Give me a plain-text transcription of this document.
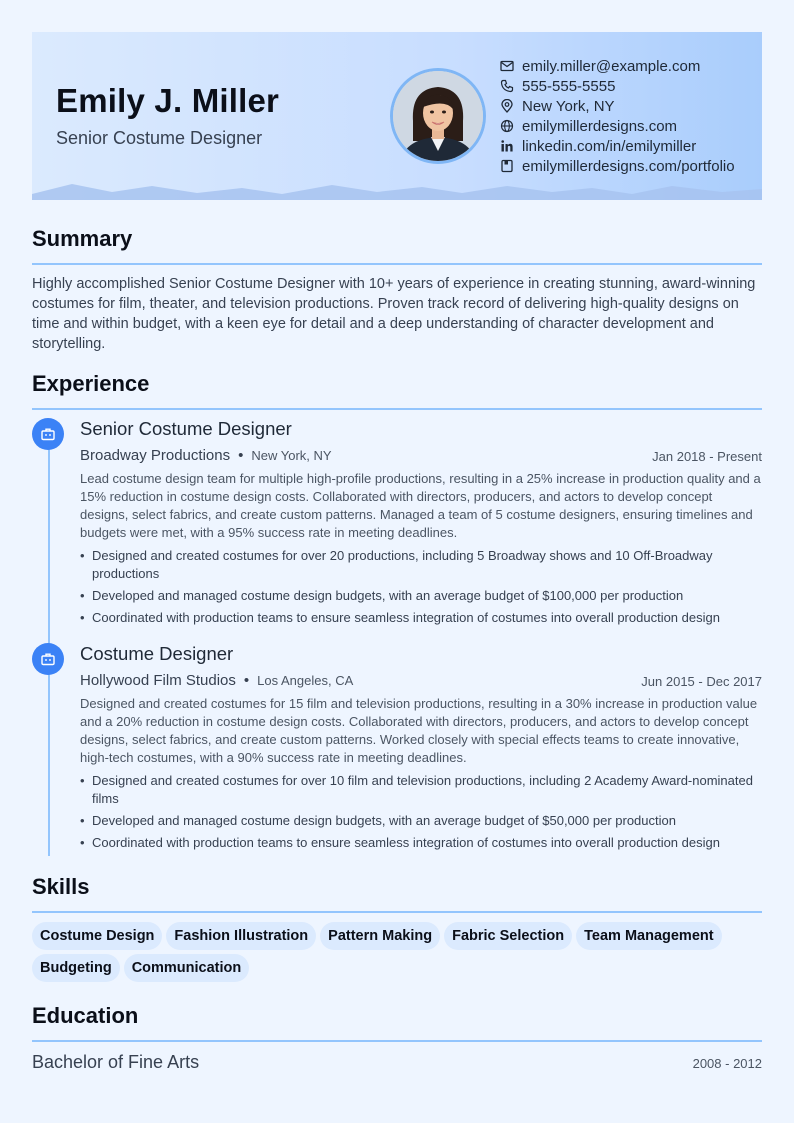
Emily J. Miller
Senior Costume Designer
emily.miller@example.com
555-555-5555
New York, NY
emilymillerdesigns.com
linkedin.com/in/emilymiller
emilymillerdesigns.com/portfolio
Summary
Highly accomplished Senior Costume Designer with 10+ years of experience in creating stunning, award-winning costumes for film, theater, and television productions. Proven track record of delivering high-quality designs on time and within budget, with a keen eye for detail and a deep understanding of character development and storytelling.
Experience
Senior Costume Designer
Broadway Productions • New York, NY	Jan 2018 - Present
Lead costume design team for multiple high-profile productions, resulting in a 25% increase in production quality and a 15% reduction in costume design costs. Collaborated with directors, producers, and actors to develop concept designs, select fabrics, and create custom patterns. Managed a team of 5 costume designers, ensuring timelines and budgets were met, with a 95% success rate in meeting deadlines.
• Designed and created costumes for over 20 productions, including 5 Broadway shows and 10 Off-Broadway productions
• Developed and managed costume design budgets, with an average budget of $100,000 per production
• Coordinated with production teams to ensure seamless integration of costumes into overall production design
Costume Designer
Hollywood Film Studios • Los Angeles, CA	Jun 2015 - Dec 2017
Designed and created costumes for 15 film and television productions, resulting in a 30% increase in production value and a 20% reduction in costume design costs. Collaborated with directors, producers, and actors to develop concept designs, select fabrics, and create custom patterns. Worked closely with special effects teams to create innovative, high-tech costumes, with a 90% success rate in meeting deadlines.
• Designed and created costumes for over 10 film and television productions, including 2 Academy Award-nominated films
• Developed and managed costume design budgets, with an average budget of $50,000 per production
• Coordinated with production teams to ensure seamless integration of costumes into overall production design
Skills
Costume Design Fashion Illustration Pattern Making Fabric Selection Team ManagementBudgeting Communication
Education
Bachelor of Fine Arts	2008 - 2012
